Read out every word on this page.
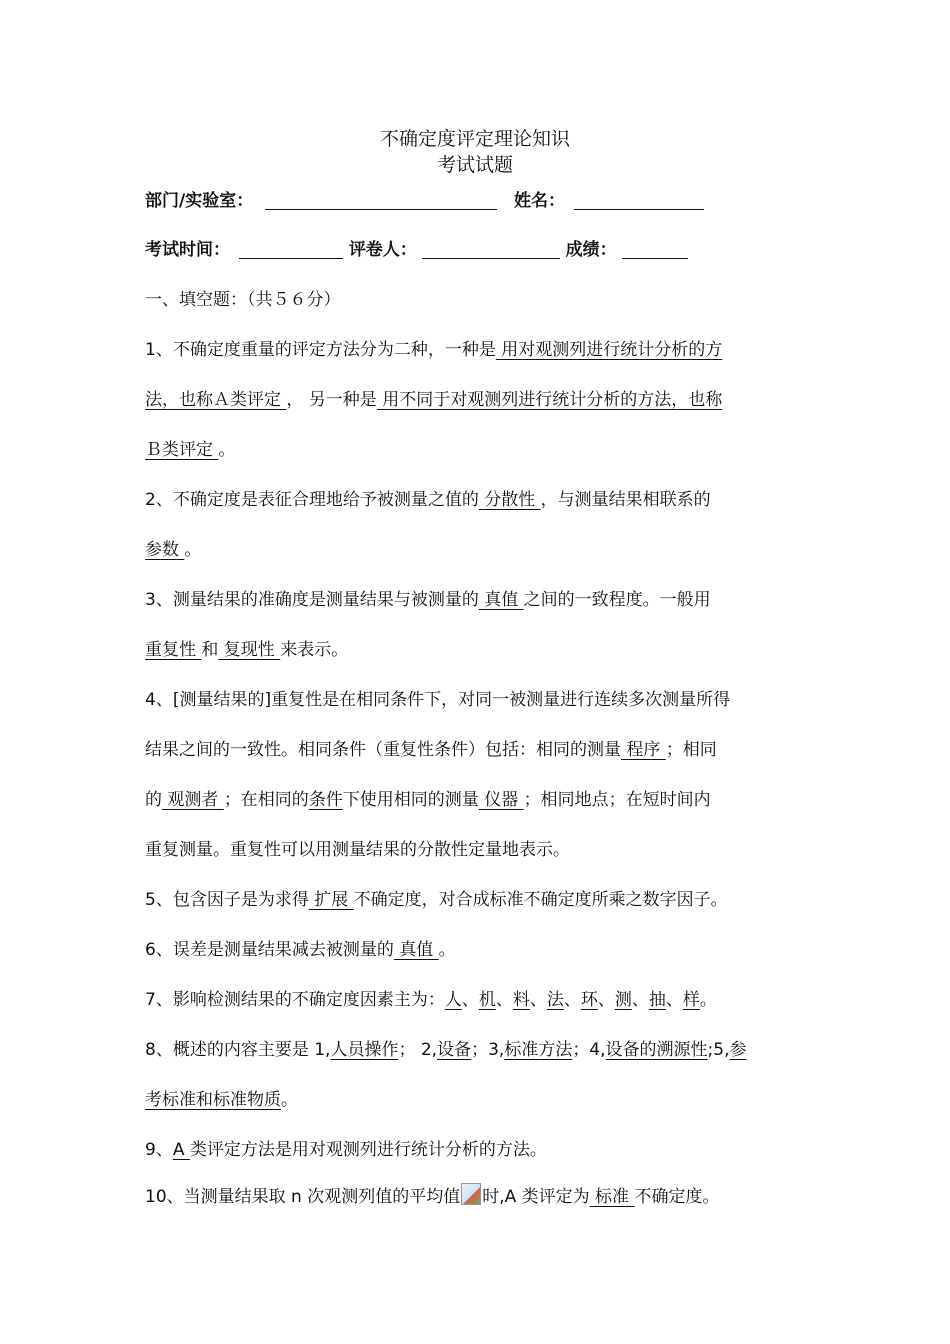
不确定度评定理论知识
考试试题
部门/实验室：	姓名：
考试时间：	评卷人：	成绩：
一、填空题：（共５６分）
1、不确定度重量的评定方法分为二种，一种是 用对观测列进行统计分析的方
法，也称Ａ类评定 ， 另一种是 用不同于对观测列进行统计分析的方法，也称
Ｂ类评定 。
2、不确定度是表征合理地给予被测量之值的 分散性 ，与测量结果相联系的
参数 。
3、测量结果的准确度是测量结果与被测量的 真值 之间的一致程度。一般用
重复性 和 复现性 来表示。
4、[测量结果的]重复性是在相同条件下，对同一被测量进行连续多次测量所得
结果之间的一致性。相同条件（重复性条件）包括：相同的测量 程序 ；相同
的 观测者 ；在相同的条件下使用相同的测量 仪器 ；相同地点；在短时间内
重复测量。重复性可以用测量结果的分散性定量地表示。
5、包含因子是为求得 扩展 不确定度，对合成标准不确定度所乘之数字因子。
6、误差是测量结果减去被测量的 真值 。
7、影响检测结果的不确定度因素主为：人、机、料、法、环、测、抽、样。
8、概述的内容主要是 1,人员操作； 2,设备；3,标准方法；4,设备的溯源性;5,参
考标准和标准物质。
9、A 类评定方法是用对观测列进行统计分析的方法。
10、当测量结果取 n 次观测列值的平均值 时,A 类评定为 标准 不确定度。
